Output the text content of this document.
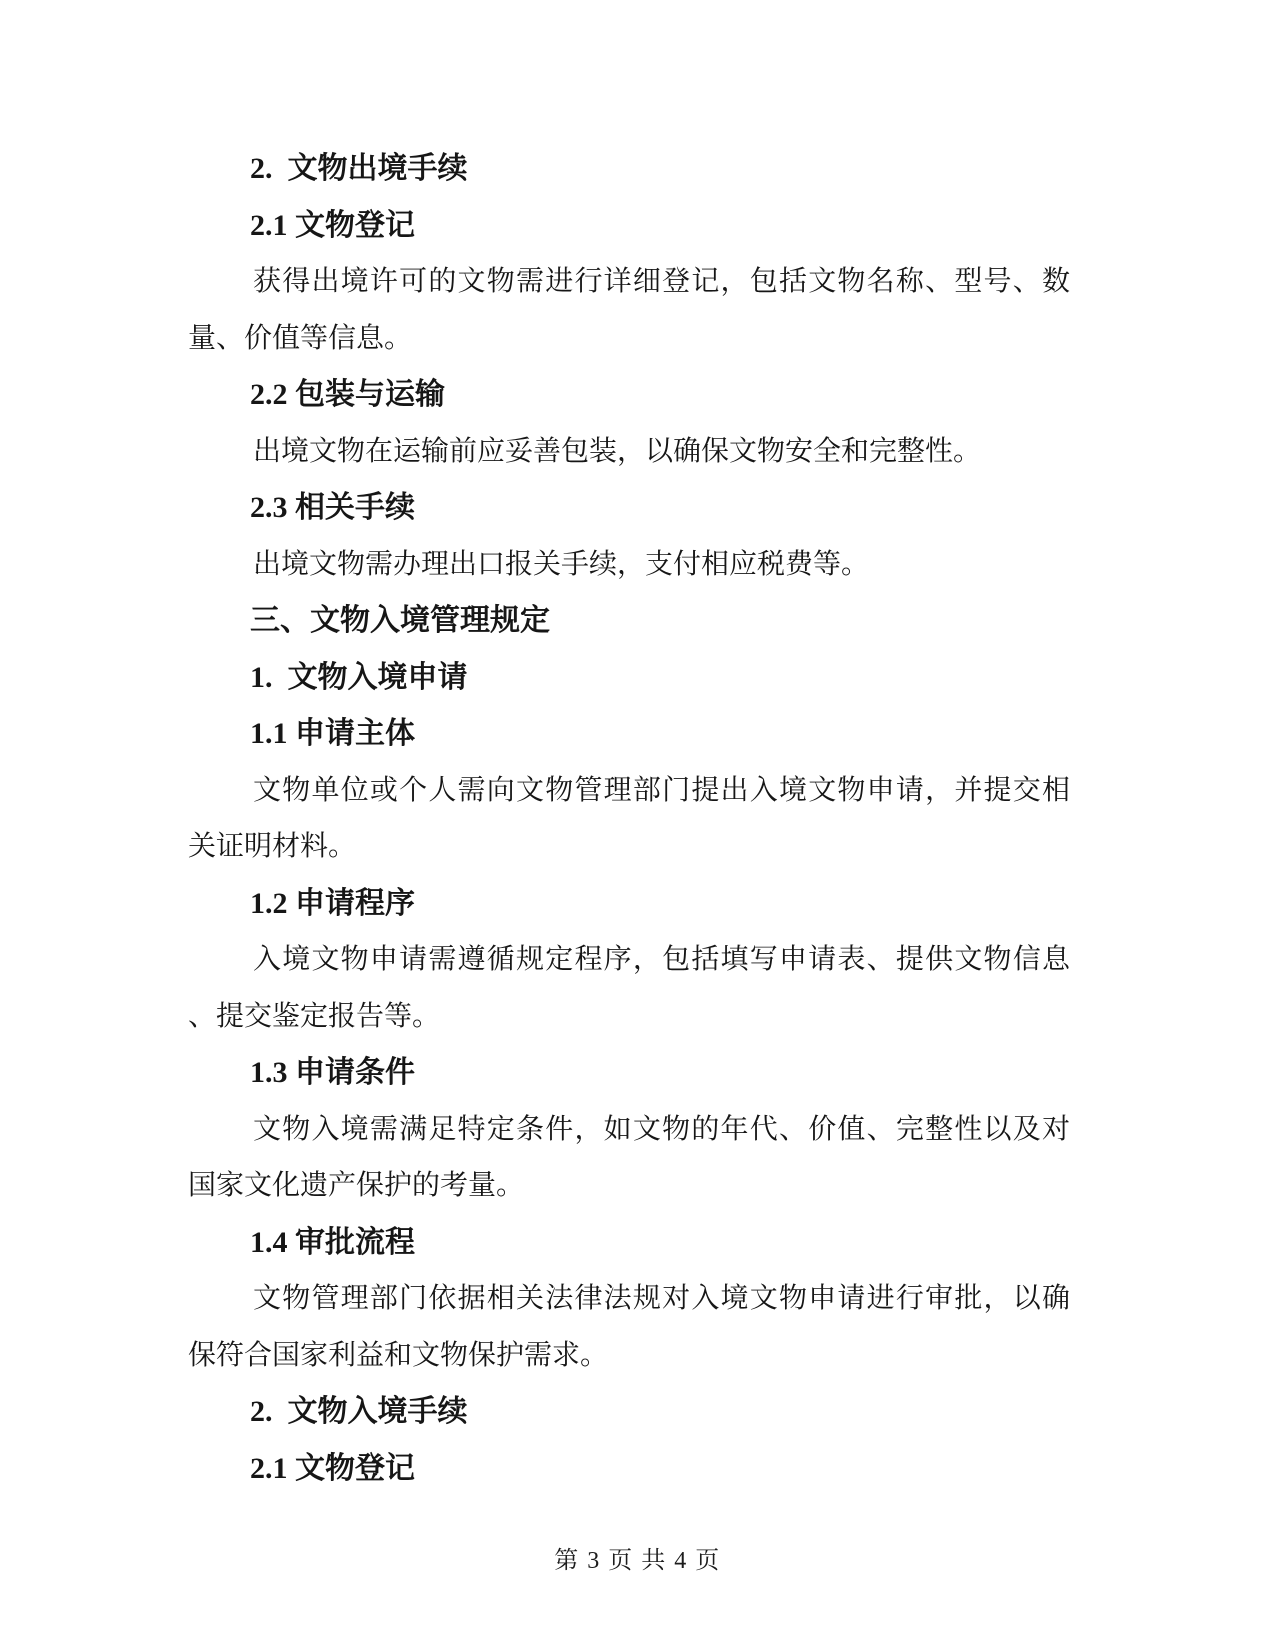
2.  文物出境手续
2.1 文物登记
获得出境许可的文物需进行详细登记，包括文物名称、型号、数
量、价值等信息。
2.2 包装与运输
出境文物在运输前应妥善包装，以确保文物安全和完整性。
2.3 相关手续
出境文物需办理出口报关手续，支付相应税费等。
三、文物入境管理规定
1.  文物入境申请
1.1 申请主体
文物单位或个人需向文物管理部门提出入境文物申请，并提交相
关证明材料。
1.2 申请程序
入境文物申请需遵循规定程序，包括填写申请表、提供文物信息
、提交鉴定报告等。
1.3 申请条件
文物入境需满足特定条件，如文物的年代、价值、完整性以及对
国家文化遗产保护的考量。
1.4 审批流程
文物管理部门依据相关法律法规对入境文物申请进行审批，以确
保符合国家利益和文物保护需求。
2.  文物入境手续
2.1 文物登记
第 3 页 共 4 页
